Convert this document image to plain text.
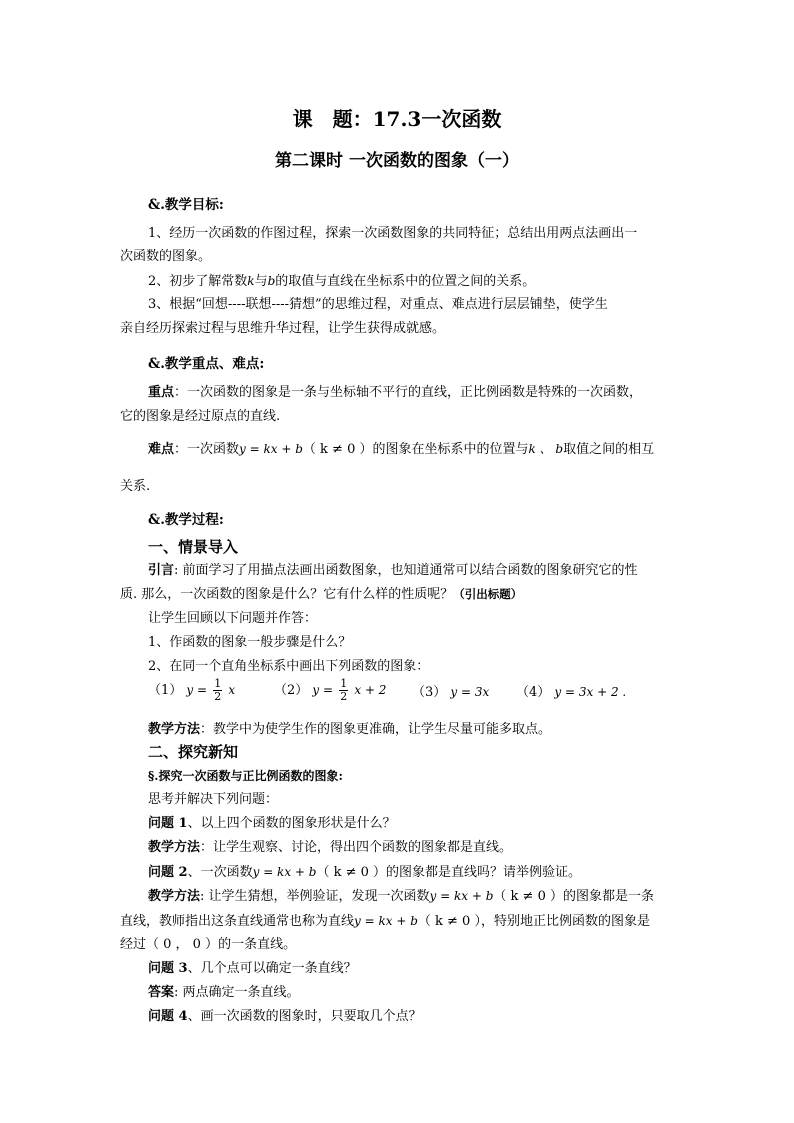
课　题：17.3一次函数
第二课时 一次函数的图象（一）
&.教学目标:
1、经历一次函数的作图过程，探索一次函数图象的共同特征；总结出用两点法画出一
次函数的图象。
2、初步了解常数k与b的取值与直线在坐标系中的位置之间的关系。
3、根据“回想----联想----猜想”的思维过程，对重点、难点进行层层铺垫，使学生
亲自经历探索过程与思维升华过程，让学生获得成就感。
&.教学重点、难点:
重点：一次函数的图象是一条与坐标轴不平行的直线，正比例函数是特殊的一次函数，
它的图象是经过原点的直线.
难点：一次函数y = kx + b（ k ≠ 0 ）的图象在坐标系中的位置与k 、 b取值之间的相互
关系.
&.教学过程:
一、情景导入
引言: 前面学习了用描点法画出函数图象，也知道通常可以结合函数的图象研究它的性
质. 那么，一次函数的图象是什么？它有什么样的性质呢？（引出标题）
让学生回顾以下问题并作答：
1、作函数的图象一般步骤是什么？
2、在同一个直角坐标系中画出下列函数的图象：
（1） $y = \frac{1}{2}$ x	（2） $y = \frac{1}{2}$ x + 2 （3） y = 3x （4） y = 3x + 2 .
教学方法：教学中为使学生作的图象更准确，让学生尽量可能多取点。
二、探究新知
§.探究一次函数与正比例函数的图象:
思考并解决下列问题：
问题 1、以上四个函数的图象形状是什么？
教学方法：让学生观察、讨论，得出四个函数的图象都是直线。
问题 2、一次函数y = kx + b（ k ≠ 0 ）的图象都是直线吗？请举例验证。
教学方法: 让学生猜想，举例验证，发现一次函数y = kx + b（ k ≠ 0 ）的图象都是一条
直线，教师指出这条直线通常也称为直线y = kx + b（ k ≠ 0 ），特别地正比例函数的图象是
经过（ 0 ， 0 ）的一条直线。
问题 3、几个点可以确定一条直线？
答案: 两点确定一条直线。
问题 4、画一次函数的图象时，只要取几个点？
